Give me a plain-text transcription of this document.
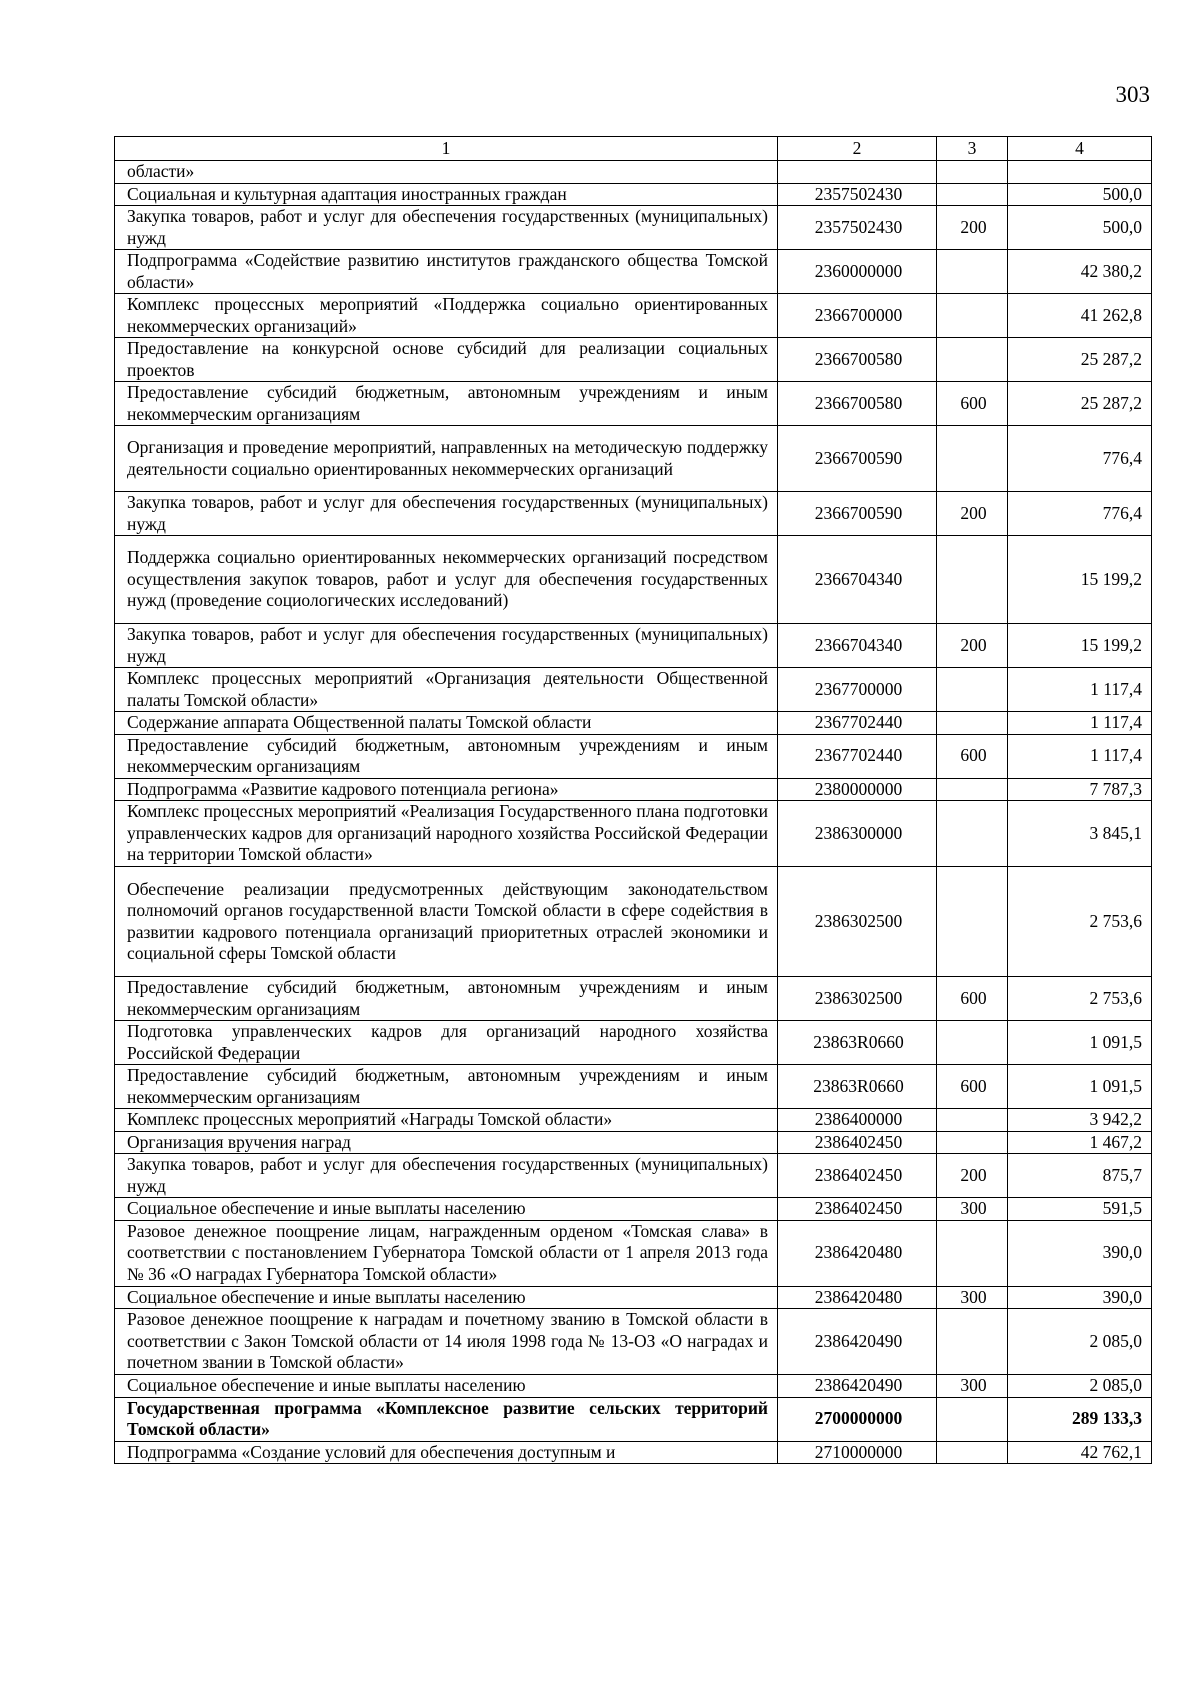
303
1	2	3	4
области»			
Социальная и культурная адаптация иностранных граждан	2357502430		500,0
Закупка товаров, работ и услуг для обеспечения государственных (муниципальных) нужд	2357502430	200	500,0
Подпрограмма «Содействие развитию институтов гражданского общества Томской области»	2360000000		42 380,2
Комплекс процессных мероприятий «Поддержка социально ориентированных некоммерческих организаций»	2366700000		41 262,8
Предоставление на конкурсной основе субсидий для реализации социальных проектов	2366700580		25 287,2
Предоставление субсидий бюджетным, автономным учреждениям и иным некоммерческим организациям	2366700580	600	25 287,2
Организация и проведение мероприятий, направленных на методическую поддержку деятельности социально ориентированных некоммерческих организаций	2366700590		776,4
Закупка товаров, работ и услуг для обеспечения государственных (муниципальных) нужд	2366700590	200	776,4
Поддержка социально ориентированных некоммерческих организаций посредством осуществления закупок товаров, работ и услуг для обеспечения государственных нужд (проведение социологических исследований)	2366704340		15 199,2
Закупка товаров, работ и услуг для обеспечения государственных (муниципальных) нужд	2366704340	200	15 199,2
Комплекс процессных мероприятий «Организация деятельности Общественной палаты Томской области»	2367700000		1 117,4
Содержание аппарата Общественной палаты Томской области	2367702440		1 117,4
Предоставление субсидий бюджетным, автономным учреждениям и иным некоммерческим организациям	2367702440	600	1 117,4
Подпрограмма «Развитие кадрового потенциала региона»	2380000000		7 787,3
Комплекс процессных мероприятий «Реализация Государственного плана подготовки управленческих кадров для организаций народного хозяйства Российской Федерации на территории Томской области»	2386300000		3 845,1
Обеспечение реализации предусмотренных действующим законодательством полномочий органов государственной власти Томской области в сфере содействия в развитии кадрового потенциала организаций приоритетных отраслей экономики и социальной сферы Томской области	2386302500		2 753,6
Предоставление субсидий бюджетным, автономным учреждениям и иным некоммерческим организациям	2386302500	600	2 753,6
Подготовка управленческих кадров для организаций народного хозяйства Российской Федерации	23863R0660		1 091,5
Предоставление субсидий бюджетным, автономным учреждениям и иным некоммерческим организациям	23863R0660	600	1 091,5
Комплекс процессных мероприятий «Награды Томской области»	2386400000		3 942,2
Организация вручения наград	2386402450		1 467,2
Закупка товаров, работ и услуг для обеспечения государственных (муниципальных) нужд	2386402450	200	875,7
Социальное обеспечение и иные выплаты населению	2386402450	300	591,5
Разовое денежное поощрение лицам, награжденным орденом «Томская слава» в соответствии с постановлением Губернатора Томской области от 1 апреля 2013 года № 36 «О наградах Губернатора Томской области»	2386420480		390,0
Социальное обеспечение и иные выплаты населению	2386420480	300	390,0
Разовое денежное поощрение к наградам и почетному званию в Томской области в соответствии с Закон Томской области от 14 июля 1998 года № 13-ОЗ «О наградах и почетном звании в Томской области»	2386420490		2 085,0
Социальное обеспечение и иные выплаты населению	2386420490	300	2 085,0
Государственная программа «Комплексное развитие сельских территорий Томской области»	2700000000		289 133,3
Подпрограмма «Создание условий для обеспечения доступным и	2710000000		42 762,1
